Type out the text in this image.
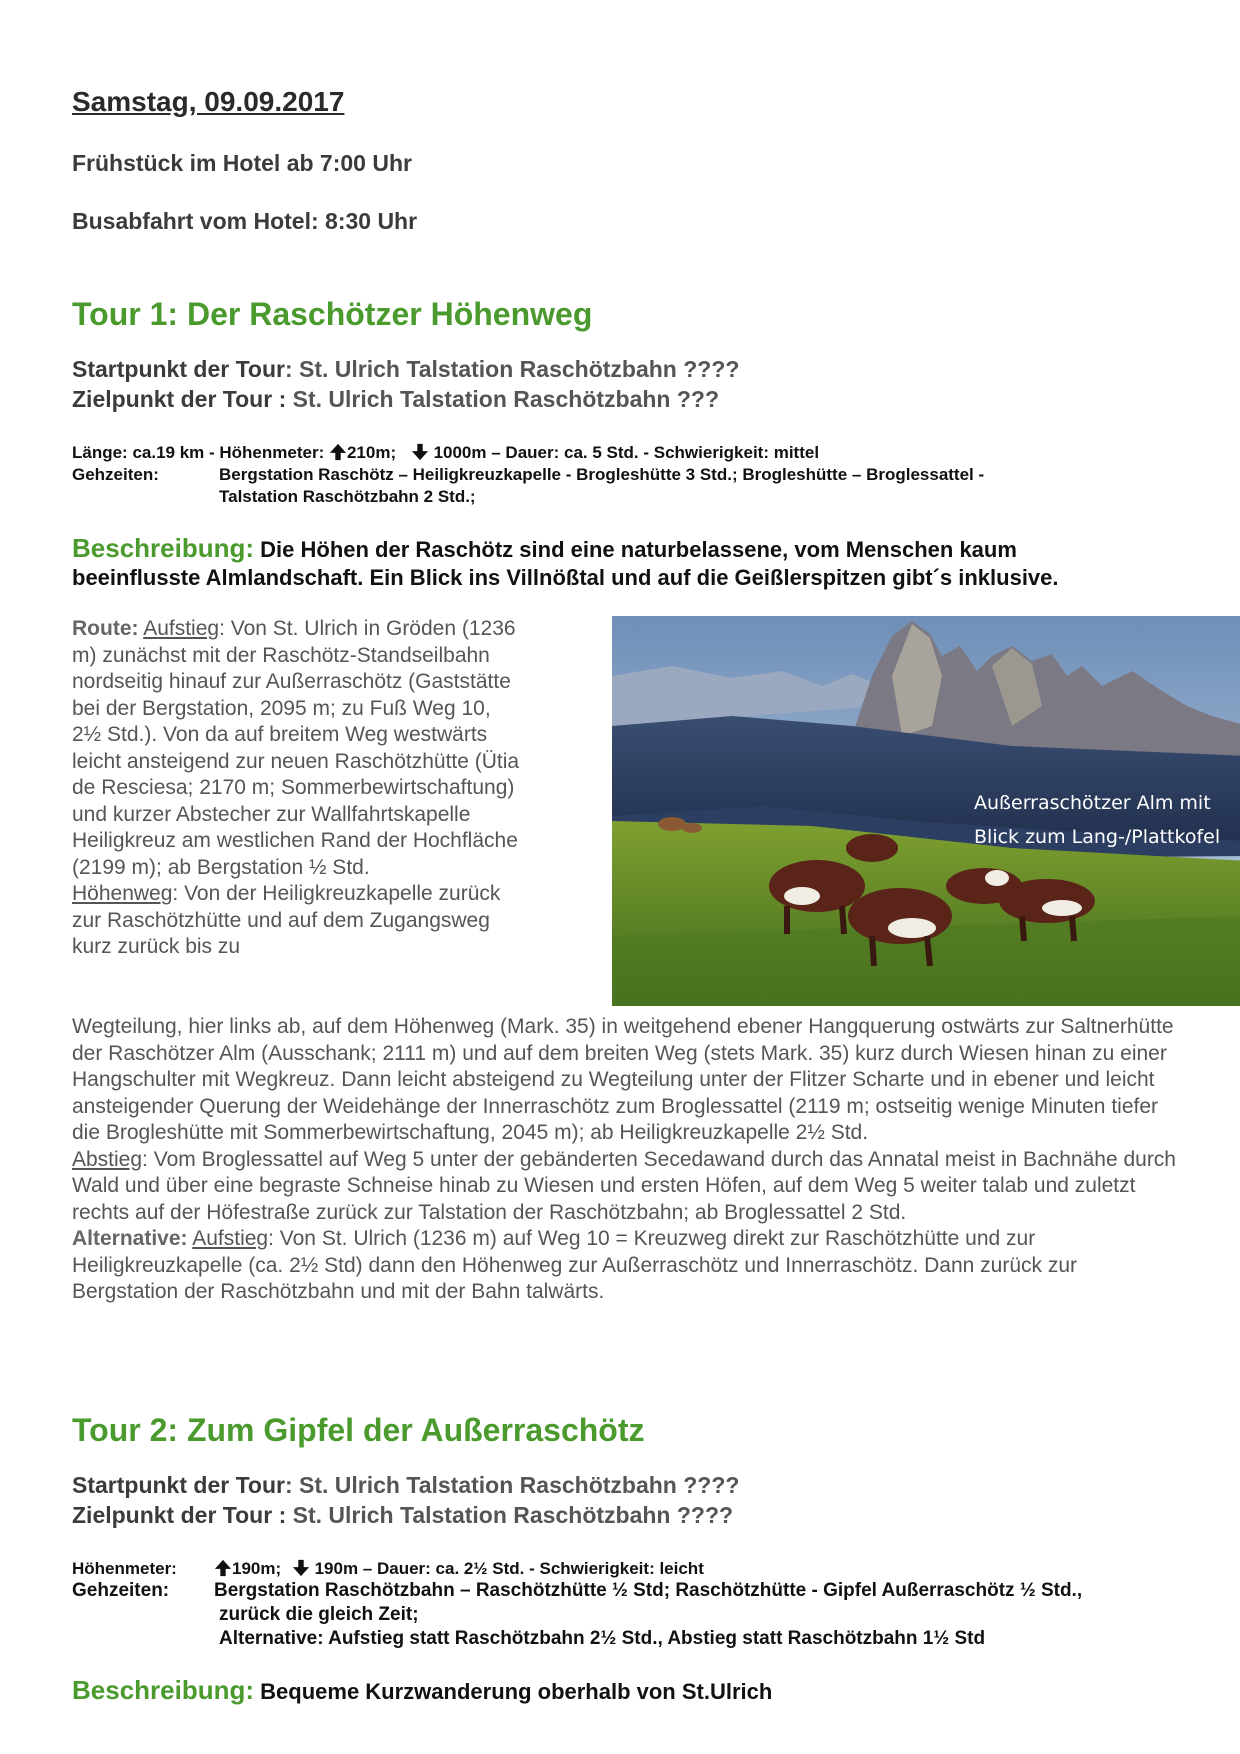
Samstag, 09.09.2017
Frühstück im Hotel ab 7:00 Uhr
Busabfahrt vom Hotel: 8:30 Uhr
Tour 1: Der Raschötzer Höhenweg
Startpunkt der Tour: St. Ulrich Talstation Raschötzbahn ????
Zielpunkt der Tour : St. Ulrich Talstation Raschötzbahn ???
Länge: ca.19 km - Höhenmeter: 210m;  1000m – Dauer: ca. 5 Std. - Schwierigkeit: mittel
Gehzeiten:	Bergstation Raschötz – Heiligkreuzkapelle - Brogleshütte 3 Std.; Brogleshütte – Broglessattel -
Talstation Raschötzbahn 2 Std.;
Beschreibung: Die Höhen der Raschötz sind eine naturbelassene, vom Menschen kaum beeinflusste Almlandschaft. Ein Blick ins Villnößtal und auf die Geißlerspitzen gibt´s inklusive.
Route: Aufstieg: Von St. Ulrich in Gröden (1236 m) zunächst mit der Raschötz-Standseilbahn nordseitig hinauf zur Außerraschötz (Gaststätte bei der Bergstation, 2095 m; zu Fuß Weg 10, 2½ Std.). Von da auf breitem Weg westwärts leicht ansteigend zur neuen Raschötzhütte (Ütia de Resciesa; 2170 m; Sommerbewirtschaftung) und kurzer Abstecher zur Wallfahrtskapelle Heiligkreuz am westlichen Rand der Hochfläche (2199 m); ab Bergstation ½ Std.
Höhenweg: Von der Heiligkreuzkapelle zurück zur Raschötzhütte und auf dem Zugangsweg kurz zurück bis zu
Wegteilung, hier links ab, auf dem Höhenweg (Mark. 35) in weitgehend ebener Hangquerung ostwärts zur Saltnerhütte der Raschötzer Alm (Ausschank; 2111 m) und auf dem breiten Weg (stets Mark. 35) kurz durch Wiesen hinan zu einer Hangschulter mit Wegkreuz. Dann leicht absteigend zu Wegteilung unter der Flitzer Scharte und in ebener und leicht ansteigender Querung der Weidehänge der Innerraschötz zum Broglessattel (2119 m; ostseitig wenige Minuten tiefer die Brogleshütte mit Sommerbewirtschaftung, 2045 m); ab Heiligkreuzkapelle 2½ Std.
Abstieg: Vom Broglessattel auf Weg 5 unter der gebänderten Secedawand durch das Annatal meist in Bachnähe durch Wald und über eine begraste Schneise hinab zu Wiesen und ersten Höfen, auf dem Weg 5 weiter talab und zuletzt rechts auf der Höfestraße zurück zur Talstation der Raschötzbahn; ab Broglessattel 2 Std.
Alternative: Aufstieg: Von St. Ulrich (1236 m) auf Weg 10 = Kreuzweg direkt zur Raschötzhütte und zur Heiligkreuzkapelle (ca. 2½ Std) dann den Höhenweg zur Außerraschötz und Innerraschötz. Dann zurück zur Bergstation der Raschötzbahn und mit der Bahn talwärts.
Außerraschötzer Alm mit
Blick zum Lang-/Plattkofel
Tour 2: Zum Gipfel der Außerraschötz
Startpunkt der Tour: St. Ulrich Talstation Raschötzbahn ????
Zielpunkt der Tour : St. Ulrich Talstation Raschötzbahn ????
Höhenmeter:	190m;  190m – Dauer: ca. 2½ Std. - Schwierigkeit: leicht
Gehzeiten: Bergstation Raschötzbahn – Raschötzhütte ½ Std; Raschötzhütte - Gipfel Außerraschötz ½ Std.,
zurück die gleich Zeit;
Alternative: Aufstieg statt Raschötzbahn 2½ Std., Abstieg statt Raschötzbahn 1½ Std
Beschreibung: Bequeme Kurzwanderung oberhalb von St.Ulrich
